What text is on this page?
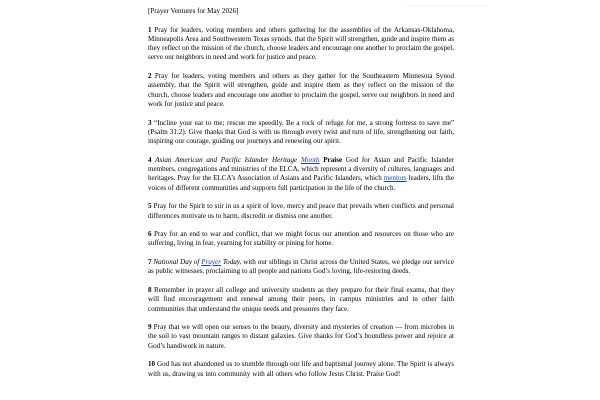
[Prayer Ventures for May 2026]

1 Pray for leaders, voting members and others gathering for the assemblies of the Arkansas-Oklahoma, Minneapolis Area and Southwestern Texas synods, that the Spirit will strengthen, guide and inspire them as they reflect on the mission of the church, choose leaders and encourage one another to proclaim the gospel, serve our neighbors in need and work for justice and peace.

2 Pray for leaders, voting members and others as they gather for the Southeastern Minnesota Synod assembly, that the Spirit will strengthen, guide and inspire them as they reflect on the mission of the church, choose leaders and encourage one another to proclaim the gospel, serve our neighbors in need and work for justice and peace.

3 “Incline your ear to me; rescue me speedily. Be a rock of refuge for me, a strong fortress to save me” (Psalm 31:2). Give thanks that God is with us through every twist and turn of life, strengthening our faith, inspiring our courage, guiding our journeys and renewing our spirit.

4 Asian American and Pacific Islander Heritage Month Praise God for Asian and Pacific Islander members, congregations and ministries of the ELCA, which represent a diversity of cultures, languages and heritages. Pray for the ELCA’s Association of Asians and Pacific Islanders, which mentors leaders, lifts the voices of different communities and supports full participation in the life of the church.

5 Pray for the Spirit to stir in us a spirit of love, mercy and peace that prevails when conflicts and personal differences motivate us to harm, discredit or dismiss one another.

6 Pray for an end to war and conflict, that we might focus our attention and resources on those who are suffering, living in fear, yearning for stability or pining for home.

7 National Day of Prayer Today, with our siblings in Christ across the United States, we pledge our service as public witnesses, proclaiming to all people and nations God’s loving, life-restoring deeds.

8 Remember in prayer all college and university students as they prepare for their final exams, that they will find encouragement and renewal among their peers, in campus ministries and in other faith communities that understand the unique needs and pressures they face.

9 Pray that we will open our senses to the beauty, diversity and mysteries of creation — from microbes in the soil to vast mountain ranges to distant galaxies. Give thanks for God’s boundless power and rejoice at God’s handiwork in nature.

10 God has not abandoned us to stumble through our life and baptismal journey alone. The Spirit is always with us, drawing us into community with all others who follow Jesus Christ. Praise God!
